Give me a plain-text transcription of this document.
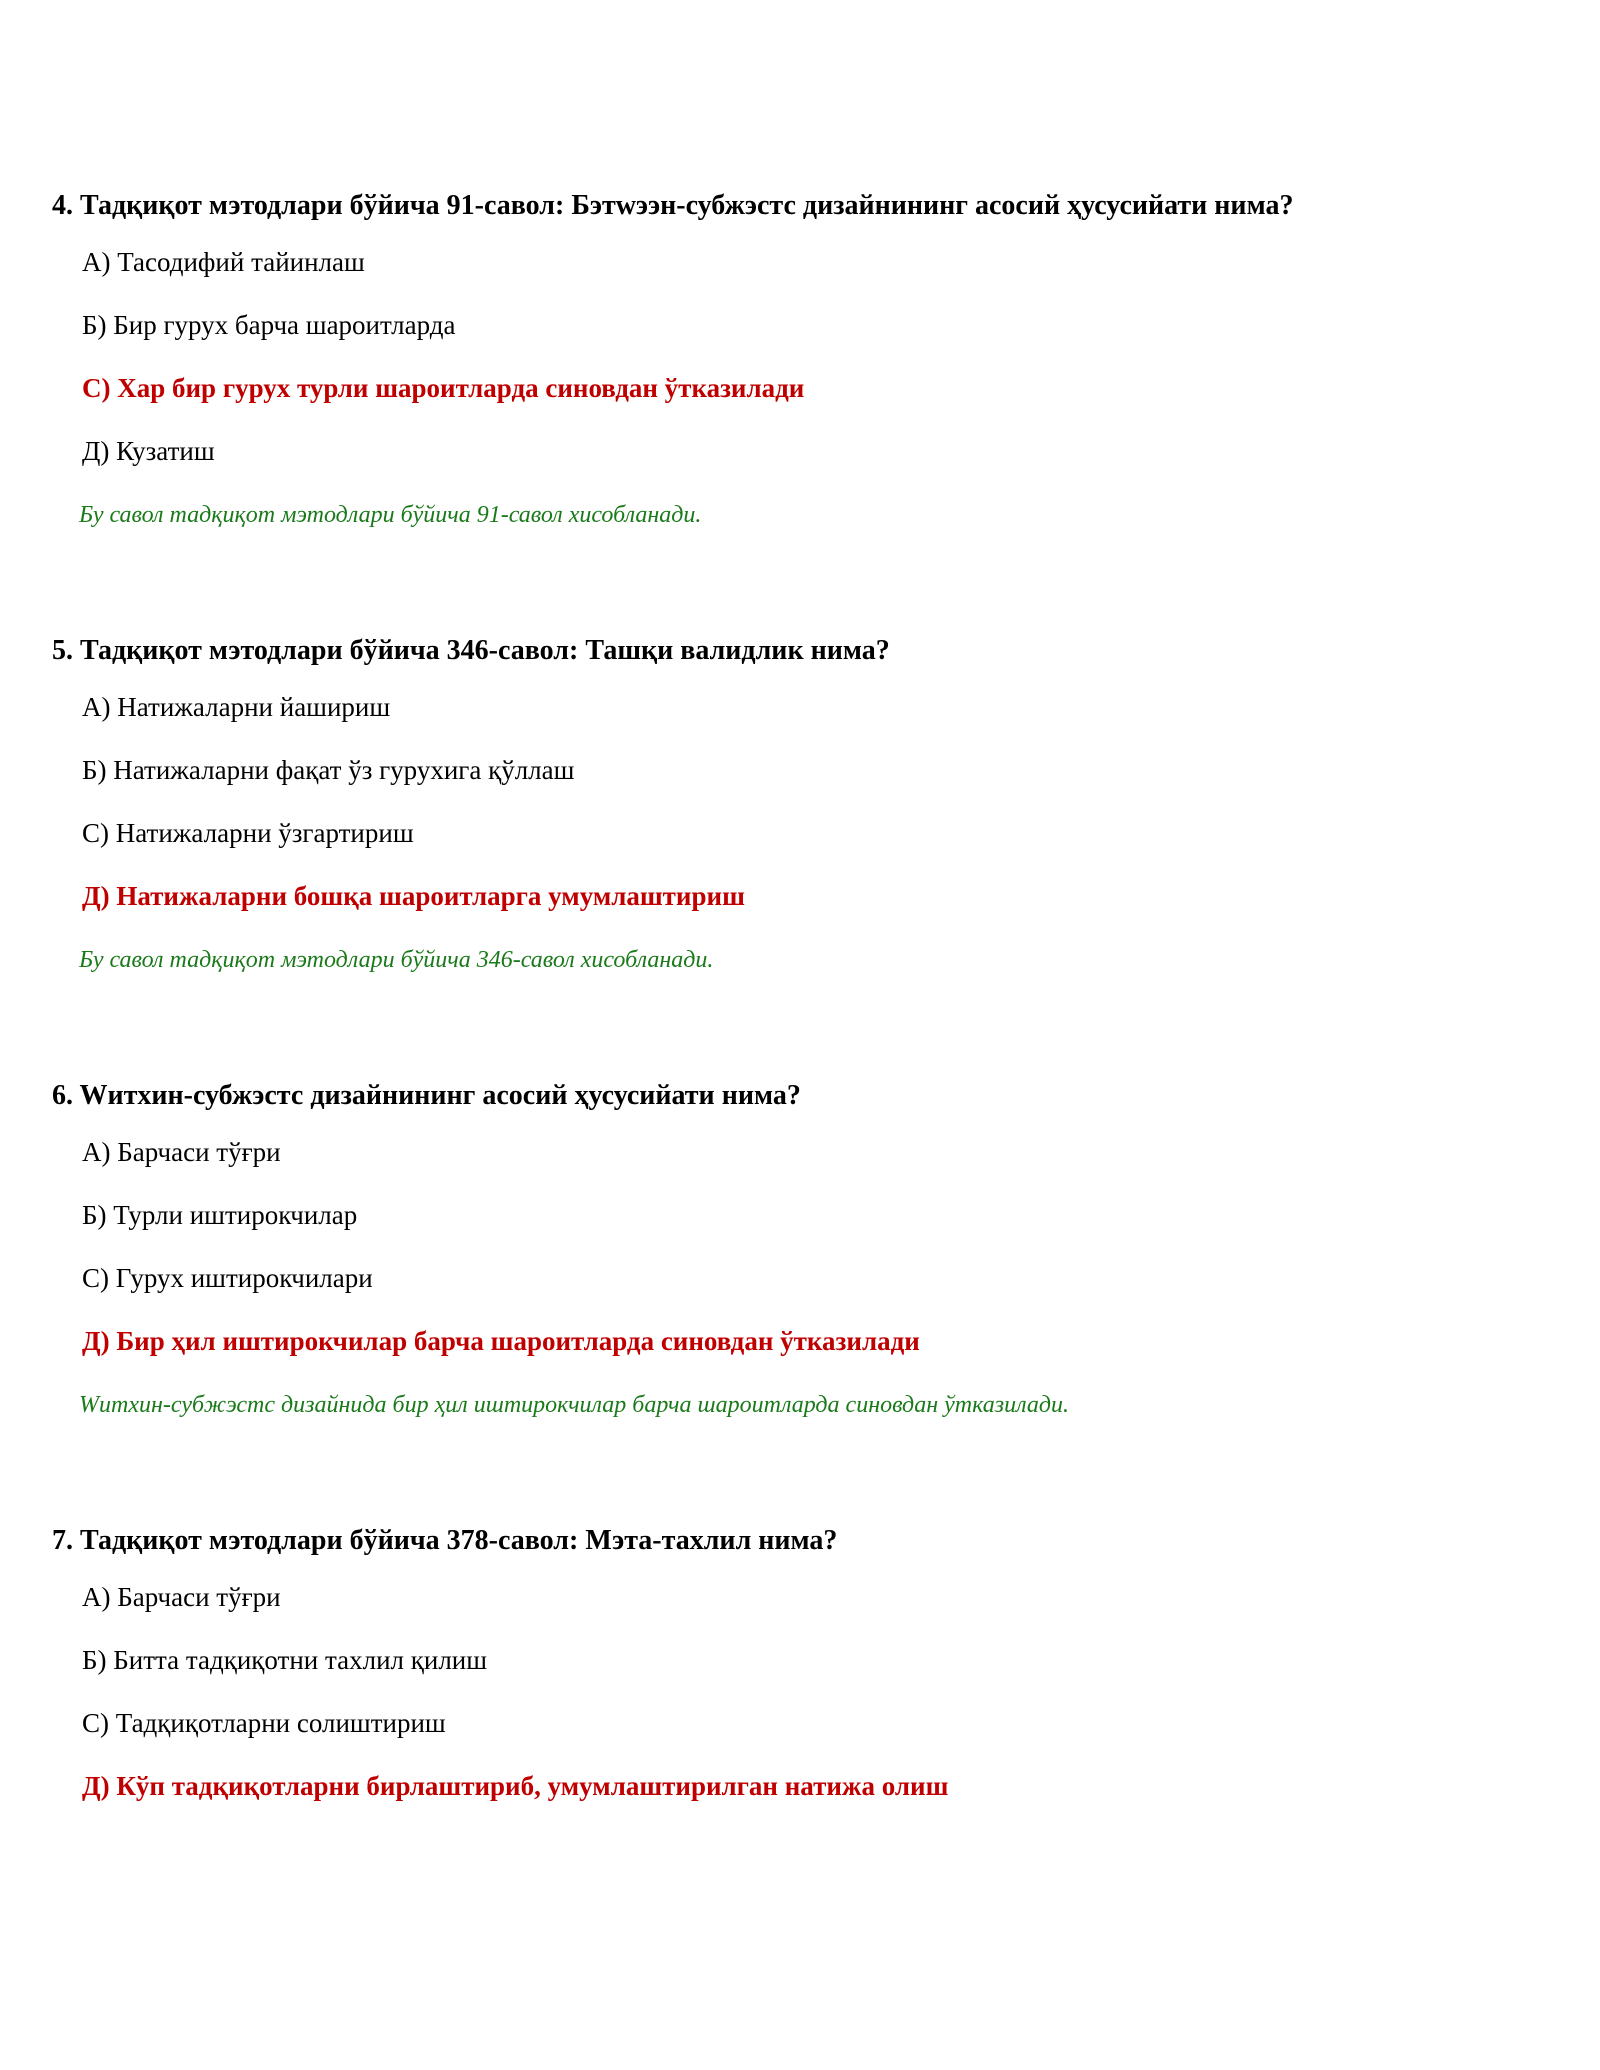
4. Тадқиқот мэтодлари бўйича 91-савол: Бэтwээн-субжэстс дизайнининг асосий ҳусусийати нима?
А) Тасодифий тайинлаш
Б) Бир гурух барча шароитларда
С) Хар бир гурух турли шароитларда синовдан ўтказилади
Д) Кузатиш
Бу савол тадқиқот мэтодлари бўйича 91-савол хисобланади.
5. Тадқиқот мэтодлари бўйича 346-савол: Ташқи валидлик нима?
А) Натижаларни йашириш
Б) Натижаларни фақат ўз гурухига қўллаш
С) Натижаларни ўзгартириш
Д) Натижаларни бошқа шароитларга умумлаштириш
Бу савол тадқиқот мэтодлари бўйича 346-савол хисобланади.
6. Wитхин-субжэстс дизайнининг асосий ҳусусийати нима?
А) Барчаси тўғри
Б) Турли иштирокчилар
С) Гурух иштирокчилари
Д) Бир ҳил иштирокчилар барча шароитларда синовдан ўтказилади
Wитхин-субжэстс дизайнида бир ҳил иштирокчилар барча шароитларда синовдан ўтказилади.
7. Тадқиқот мэтодлари бўйича 378-савол: Мэта-тахлил нима?
А) Барчаси тўғри
Б) Битта тадқиқотни тахлил қилиш
С) Тадқиқотларни солиштириш
Д) Кўп тадқиқотларни бирлаштириб, умумлаштирилган натижа олиш
